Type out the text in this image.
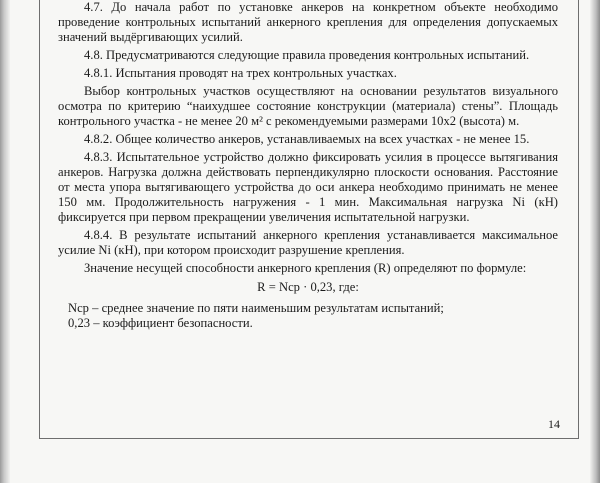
4.7. До начала работ по установке анкеров на конкретном объекте необходимо проведение контрольных испытаний анкерного крепления для определения допускаемых значений выдёргивающих усилий.

4.8. Предусматриваются следующие правила проведения контрольных испытаний.

4.8.1. Испытания проводят на трех контрольных участках.

Выбор контрольных участков осуществляют на основании результатов визуального осмотра по критерию “наихудшее состояние конструкции (материала) стены”. Площадь контрольного участка - не менее 20 м² с рекомендуемыми размерами 10х2 (высота) м.

4.8.2. Общее количество анкеров, устанавливаемых на всех участках - не менее 15.

4.8.3. Испытательное устройство должно фиксировать усилия в процессе вытягивания анкеров. Нагрузка должна действовать перпендикулярно плоскости основания. Расстояние от места упора вытягивающего устройства до оси анкера необходимо принимать не менее 150 мм. Продолжительность нагружения - 1 мин. Максимальная нагрузка Ni (кН) фиксируется при первом прекращении увеличения испытательной нагрузки.

4.8.4. В результате испытаний анкерного крепления устанавливается максимальное усилие Ni (кН), при котором происходит разрушение крепления.

Значение несущей способности анкерного крепления (R) определяют по формуле:

R = Nср · 0,23, где:

Nср – среднее значение по пяти наименьшим результатам испытаний;

0,23 – коэффициент безопасности.

14
